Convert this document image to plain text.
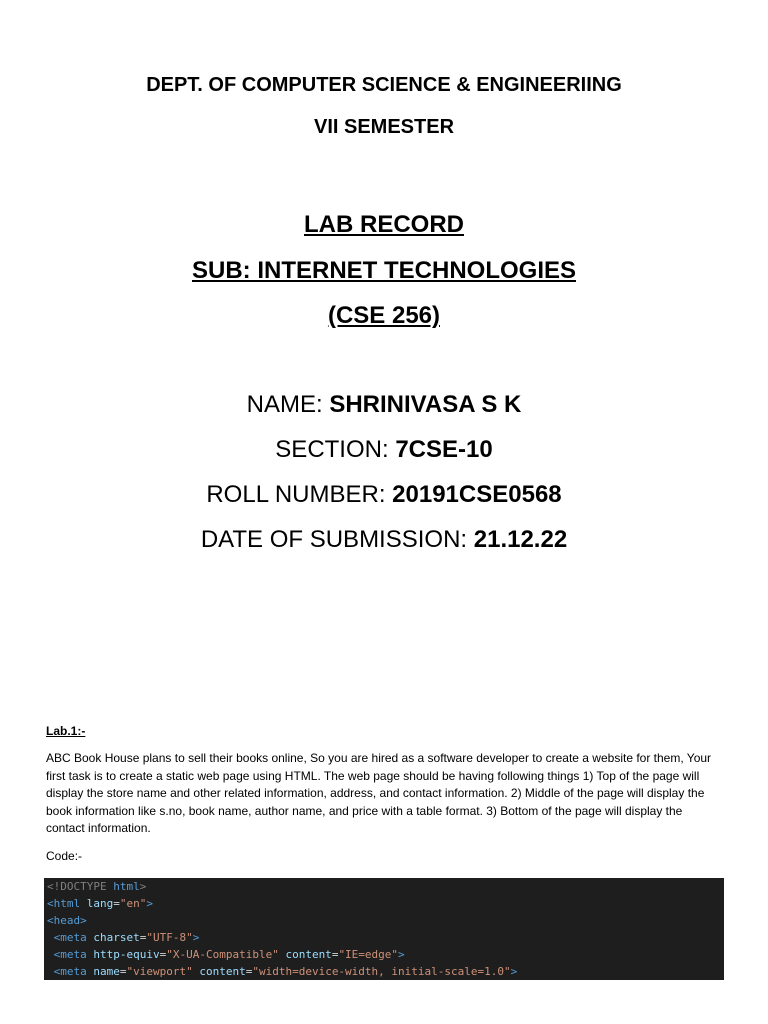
DEPT. OF COMPUTER SCIENCE & ENGINEERIING
VII SEMESTER
LAB RECORD
SUB: INTERNET TECHNOLOGIES
(CSE 256)
NAME: SHRINIVASA S K
SECTION: 7CSE-10
ROLL NUMBER: 20191CSE0568
DATE OF SUBMISSION: 21.12.22
Lab.1:-
ABC Book House plans to sell their books online, So you are hired as a software developer to create a website for them, Your first task is to create a static web page using HTML. The web page should be having following things 1) Top of the page will display the store name and other related information, address, and contact information. 2) Middle of the page will display the book information like s.no, book name, author name, and price with a table format. 3) Bottom of the page will display the contact information.
Code:-
<!DOCTYPE html>
<html lang="en">
<head>
<meta charset="UTF-8">
<meta http-equiv="X-UA-Compatible" content="IE=edge">
<meta name="viewport" content="width=device-width, initial-scale=1.0">
